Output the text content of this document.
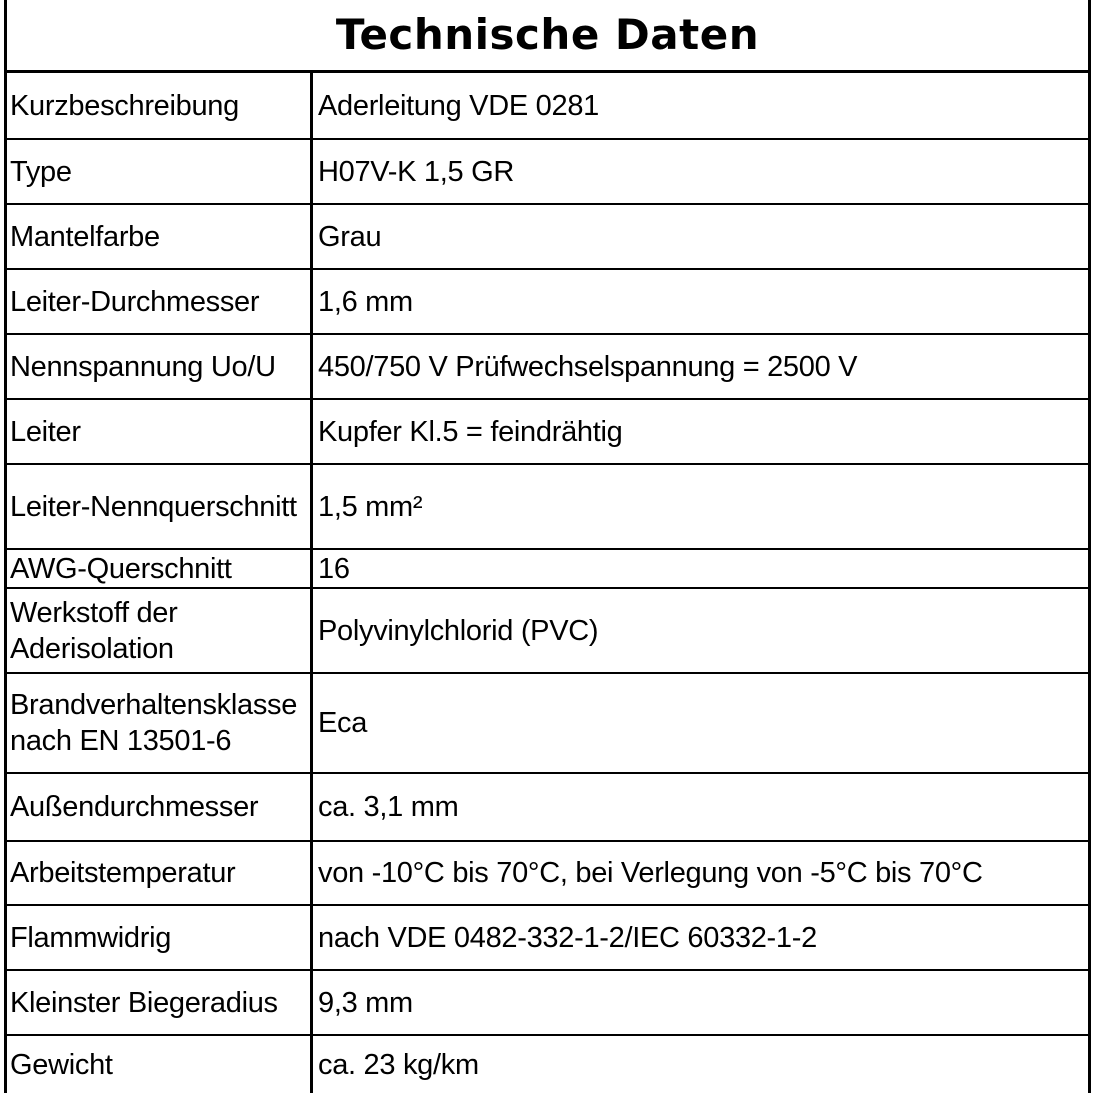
Technische Daten
Kurzbeschreibung	Aderleitung VDE 0281
Type	H07V-K 1,5 GR
Mantelfarbe	Grau
Leiter-Durchmesser	1,6 mm
Nennspannung Uo/U	450/750 V Prüfwechselspannung = 2500 V
Leiter	Kupfer Kl.5 = feindrähtig
Leiter-Nennquerschnitt	1,5 mm²
AWG-Querschnitt	16
Werkstoff der Aderisolation	Polyvinylchlorid (PVC)
Brandverhaltensklasse nach EN 13501-6	Eca
Außendurchmesser	ca. 3,1 mm
Arbeitstemperatur	von -10°C bis 70°C, bei Verlegung von -5°C bis 70°C
Flammwidrig	nach VDE 0482-332-1-2/IEC 60332-1-2
Kleinster Biegeradius	9,3 mm
Gewicht	ca. 23 kg/km
